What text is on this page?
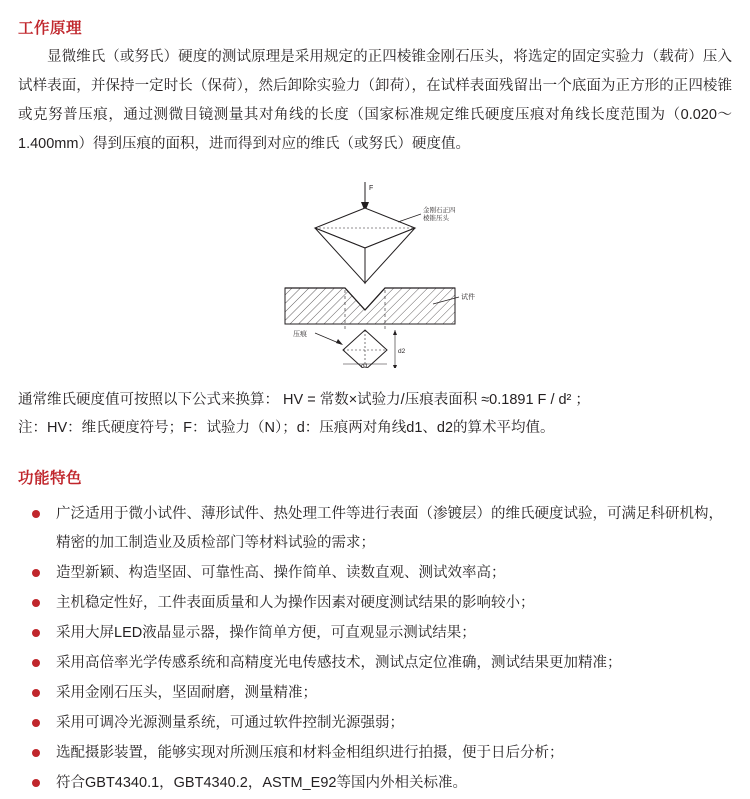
工作原理
显微维氏（或努氏）硬度的测试原理是采用规定的正四棱锥金刚石压头，将选定的固定实验力（载荷）压入试样表面，并保持一定时长（保荷），然后卸除实验力（卸荷），在试样表面残留出一个底面为正方形的正四棱锥或克努普压痕，通过测微目镜测量其对角线的长度（国家标准规定维氏硬度压痕对角线长度范围为（0.020～1.400mm）得到压痕的面积，进而得到对应的维氏（或努氏）硬度值。
F
金刚石正四
棱锥压头
试件
压痕
d2
d1
通常维氏硬度值可按照以下公式来换算： HV = 常数×试验力/压痕表面积 ≈0.1891 F / d² ；
注：HV：维氏硬度符号；F：试验力（N）；d：压痕两对角线d1、d2的算术平均值。
功能特色
广泛适用于微小试件、薄形试件、热处理工件等进行表面（渗镀层）的维氏硬度试验，可满足科研机构，精密的加工制造业及质检部门等材料试验的需求；
造型新颖、构造坚固、可靠性高、操作简单、读数直观、测试效率高；
主机稳定性好，工件表面质量和人为操作因素对硬度测试结果的影响较小；
采用大屏LED液晶显示器，操作简单方便，可直观显示测试结果；
采用高倍率光学传感系统和高精度光电传感技术，测试点定位准确，测试结果更加精准；
采用金刚石压头，坚固耐磨，测量精准；
采用可调冷光源测量系统，可通过软件控制光源强弱；
选配摄影装置，能够实现对所测压痕和材料金相组织进行拍摄，便于日后分析；
符合GBT4340.1，GBT4340.2，ASTM_E92等国内外相关标准。
